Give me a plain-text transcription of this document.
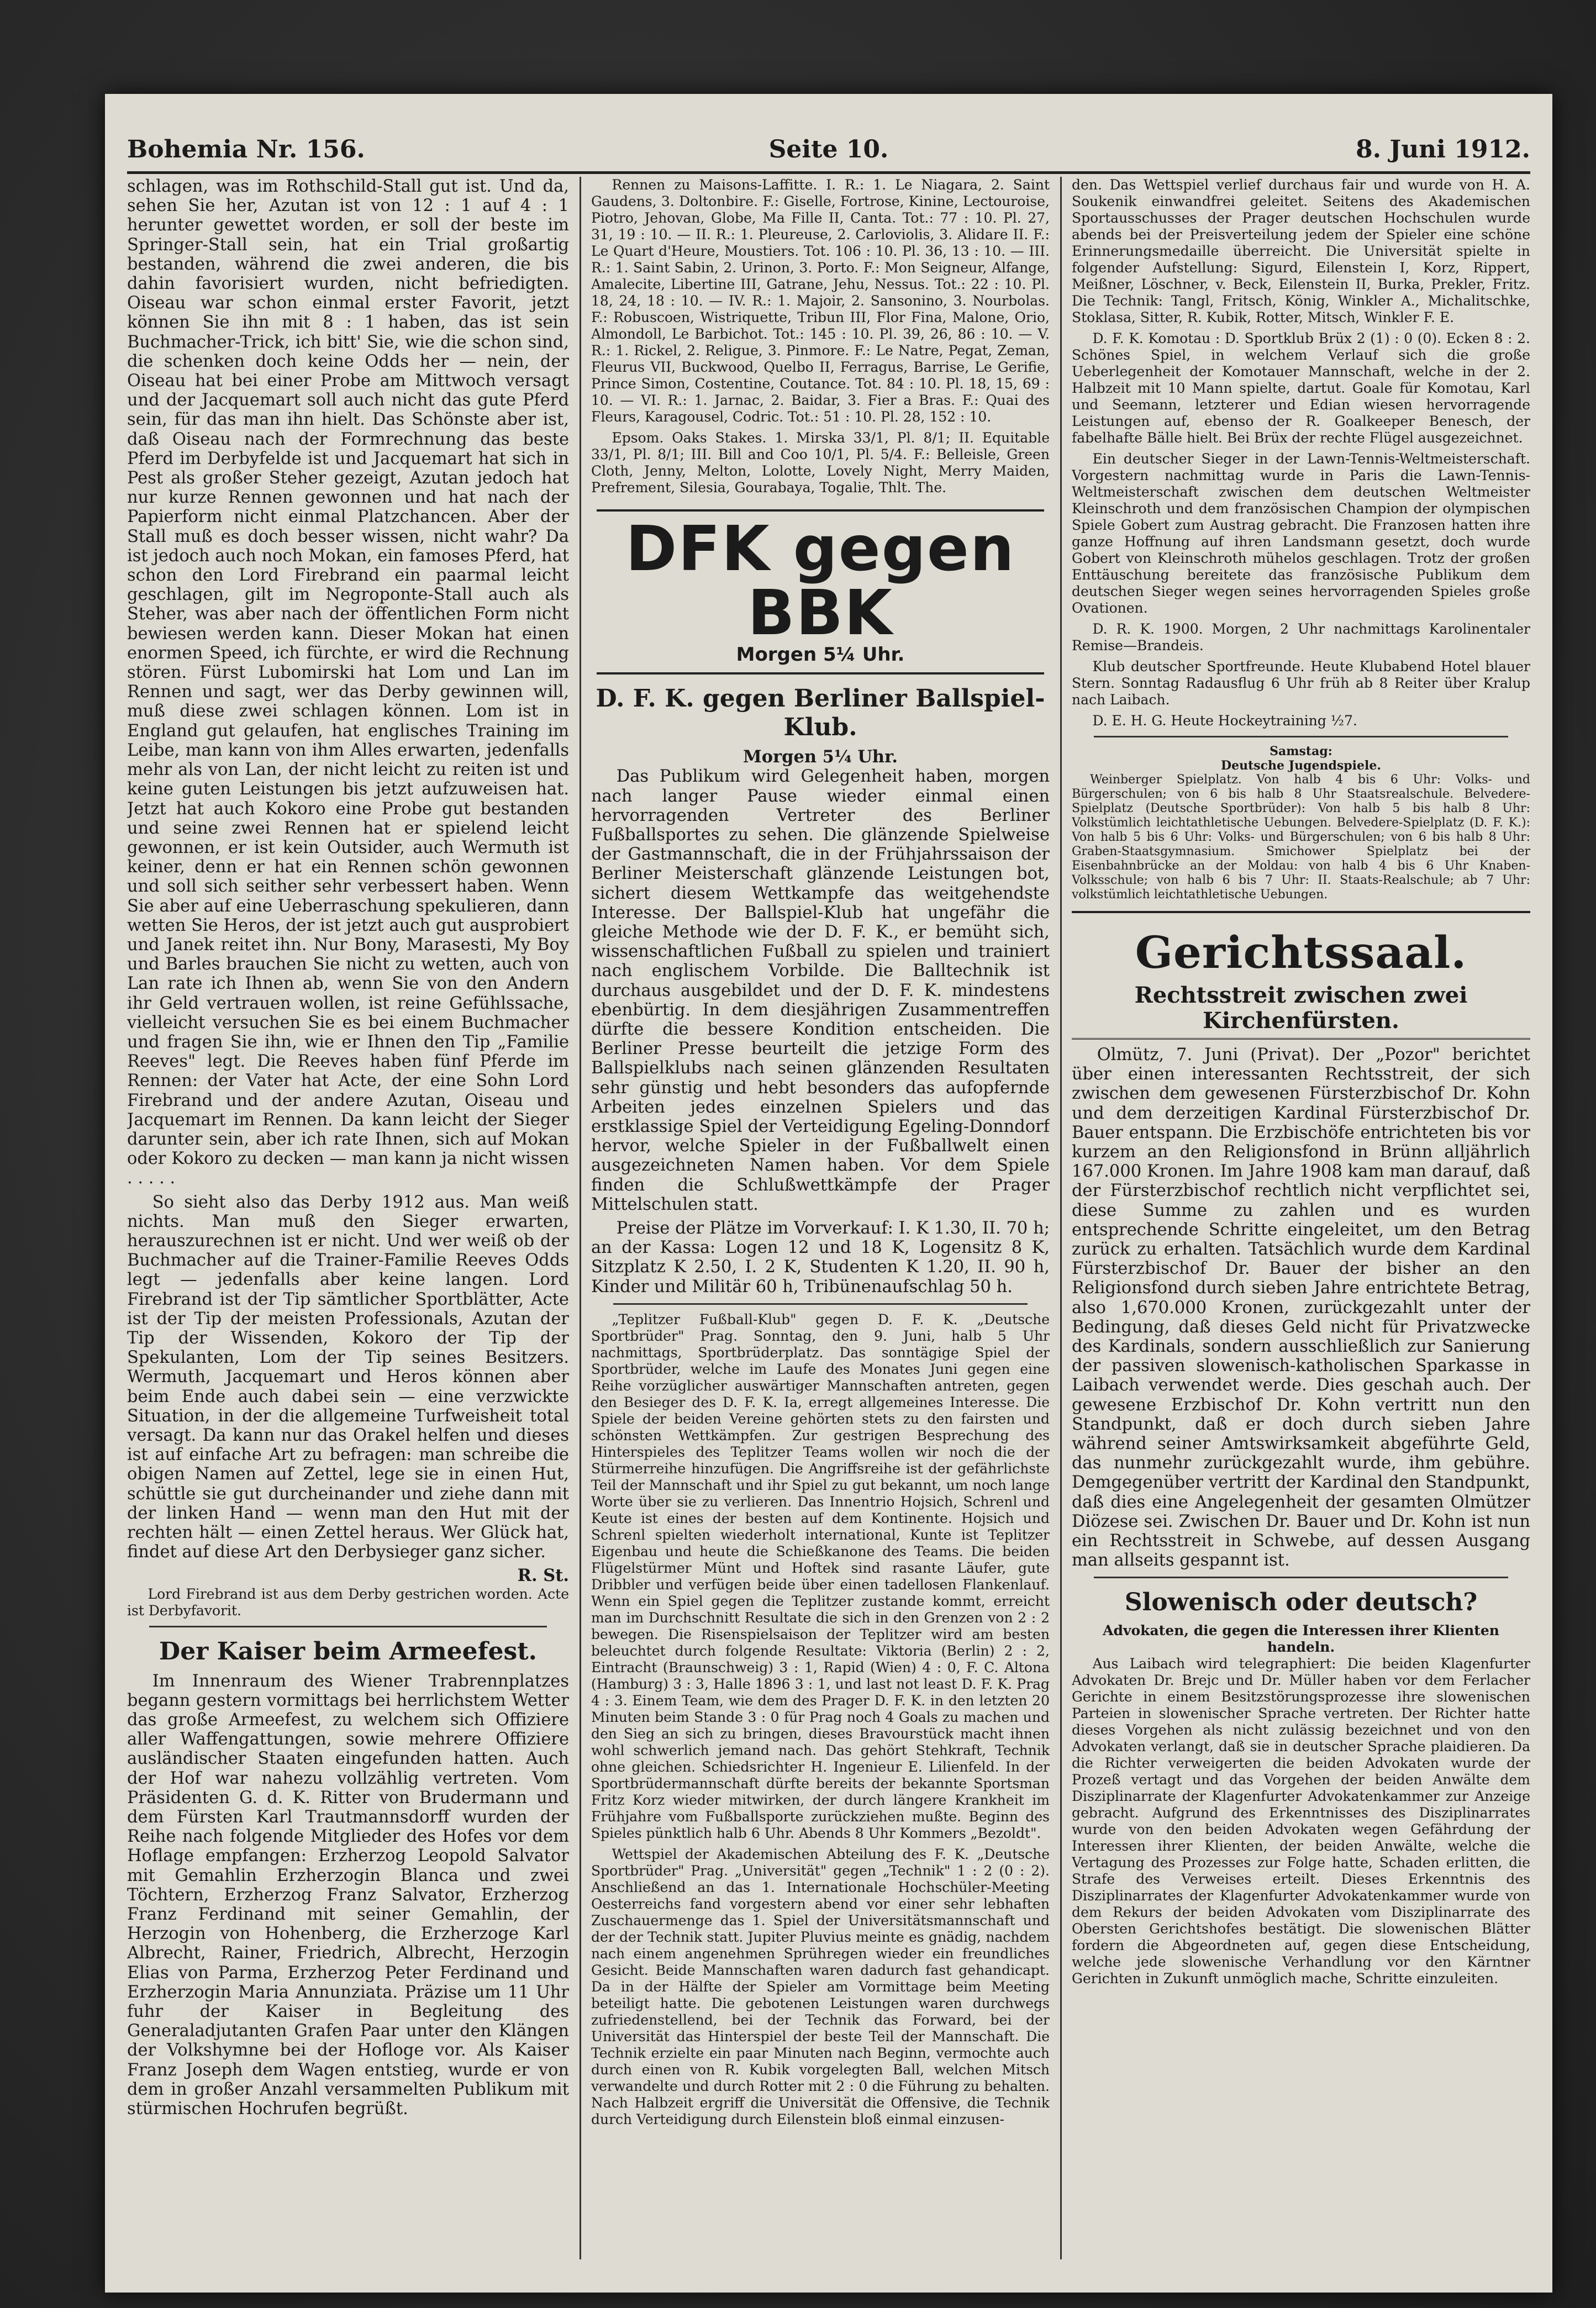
Bohemia Nr. 156.	Seite 10.	8. Juni 1912.

schlagen, was im Rothschild-Stall gut ist. Und da, sehen Sie her, Azutan ist von 12 : 1 auf 4 : 1 herunter gewettet worden, er soll der beste im Springer-Stall sein, hat ein Trial großartig bestanden, während die zwei anderen, die bis dahin favorisiert wurden, nicht befriedigten. Oiseau war schon einmal erster Favorit, jetzt können Sie ihn mit 8 : 1 haben, das ist sein Buchmacher-Trick, ich bitt' Sie, wie die schon sind, die schenken doch keine Odds her — nein, der Oiseau hat bei einer Probe am Mittwoch versagt und der Jacquemart soll auch nicht das gute Pferd sein, für das man ihn hielt. Das Schönste aber ist, daß Oiseau nach der Formrechnung das beste Pferd im Derbyfelde ist und Jacquemart hat sich in Pest als großer Steher gezeigt, Azutan jedoch hat nur kurze Rennen gewonnen und hat nach der Papierform nicht einmal Platzchancen. Aber der Stall muß es doch besser wissen, nicht wahr? Da ist jedoch auch noch Mokan, ein famoses Pferd, hat schon den Lord Firebrand ein paarmal leicht geschlagen, gilt im Negroponte-Stall auch als Steher, was aber nach der öffentlichen Form nicht bewiesen werden kann. Dieser Mokan hat einen enormen Speed, ich fürchte, er wird die Rechnung stören. Fürst Lubomirski hat Lom und Lan im Rennen und sagt, wer das Derby gewinnen will, muß diese zwei schlagen können. Lom ist in England gut gelaufen, hat englisches Training im Leibe, man kann von ihm Alles erwarten, jedenfalls mehr als von Lan, der nicht leicht zu reiten ist und keine guten Leistungen bis jetzt aufzuweisen hat. Jetzt hat auch Kokoro eine Probe gut bestanden und seine zwei Rennen hat er spielend leicht gewonnen, er ist kein Outsider, auch Wermuth ist keiner, denn er hat ein Rennen schön gewonnen und soll sich seither sehr verbessert haben. Wenn Sie aber auf eine Ueberraschung spekulieren, dann wetten Sie Heros, der ist jetzt auch gut ausprobiert und Janek reitet ihn. Nur Bony, Marasesti, My Boy und Barles brauchen Sie nicht zu wetten, auch von Lan rate ich Ihnen ab, wenn Sie von den Andern ihr Geld vertrauen wollen, ist reine Gefühlssache, vielleicht versuchen Sie es bei einem Buchmacher und fragen Sie ihn, wie er Ihnen den Tip „Familie Reeves" legt. Die Reeves haben fünf Pferde im Rennen: der Vater hat Acte, der eine Sohn Lord Firebrand und der andere Azutan, Oiseau und Jacquemart im Rennen. Da kann leicht der Sieger darunter sein, aber ich rate Ihnen, sich auf Mokan oder Kokoro zu decken — man kann ja nicht wissen . . . . .

So sieht also das Derby 1912 aus. Man weiß nichts. Man muß den Sieger erwarten, herauszurechnen ist er nicht. Und wer weiß ob der Buchmacher auf die Trainer-Familie Reeves Odds legt — jedenfalls aber keine langen. Lord Firebrand ist der Tip sämtlicher Sportblätter, Acte ist der Tip der meisten Professionals, Azutan der Tip der Wissenden, Kokoro der Tip der Spekulanten, Lom der Tip seines Besitzers. Wermuth, Jacquemart und Heros können aber beim Ende auch dabei sein — eine verzwickte Situation, in der die allgemeine Turfweisheit total versagt. Da kann nur das Orakel helfen und dieses ist auf einfache Art zu befragen: man schreibe die obigen Namen auf Zettel, lege sie in einen Hut, schüttle sie gut durcheinander und ziehe dann mit der linken Hand — wenn man den Hut mit der rechten hält — einen Zettel heraus. Wer Glück hat, findet auf diese Art den Derbysieger ganz sicher.

R. St.

Lord Firebrand ist aus dem Derby gestrichen worden. Acte ist Derbyfavorit.

Der Kaiser beim Armeefest.

Im Innenraum des Wiener Trabrennplatzes begann gestern vormittags bei herrlichstem Wetter das große Armeefest, zu welchem sich Offiziere aller Waffengattungen, sowie mehrere Offiziere ausländischer Staaten eingefunden hatten. Auch der Hof war nahezu vollzählig vertreten. Vom Präsidenten G. d. K. Ritter von Brudermann und dem Fürsten Karl Trautmannsdorff wurden der Reihe nach folgende Mitglieder des Hofes vor dem Hoflage empfangen: Erzherzog Leopold Salvator mit Gemahlin Erzherzogin Blanca und zwei Töchtern, Erzherzog Franz Salvator, Erzherzog Franz Ferdinand mit seiner Gemahlin, der Herzogin von Hohenberg, die Erzherzoge Karl Albrecht, Rainer, Friedrich, Albrecht, Herzogin Elias von Parma, Erzherzog Peter Ferdinand und Erzherzogin Maria Annunziata. Präzise um 11 Uhr fuhr der Kaiser in Begleitung des Generaladjutanten Grafen Paar unter den Klängen der Volkshymne bei der Hofloge vor. Als Kaiser Franz Joseph dem Wagen entstieg, wurde er von dem in großer Anzahl versammelten Publikum mit stürmischen Hochrufen begrüßt.

Rennen zu Maisons-Laffitte. I. R.: 1. Le Niagara, 2. Saint Gaudens, 3. Doltonbire. F.: Giselle, Fortrose, Kinine, Lectouroise, Piotro, Jehovan, Globe, Ma Fille II, Canta. Tot.: 77 : 10. Pl. 27, 31, 19 : 10. — II. R.: 1. Pleureuse, 2. Carloviolis, 3. Alidare II. F.: Le Quart d'Heure, Moustiers. Tot. 106 : 10. Pl. 36, 13 : 10. — III. R.: 1. Saint Sabin, 2. Urinon, 3. Porto. F.: Mon Seigneur, Alfange, Amalecite, Libertine III, Gatrane, Jehu, Nessus. Tot.: 22 : 10. Pl. 18, 24, 18 : 10. — IV. R.: 1. Majoir, 2. Sansonino, 3. Nourbolas. F.: Robuscoen, Wistriquette, Tribun III, Flor Fina, Malone, Orio, Almondoll, Le Barbichot. Tot.: 145 : 10. Pl. 39, 26, 86 : 10. — V. R.: 1. Rickel, 2. Religue, 3. Pinmore. F.: Le Natre, Pegat, Zeman, Fleurus VII, Buckwood, Quelbo II, Ferragus, Barrise, Le Gerifie, Prince Simon, Costentine, Coutance. Tot. 84 : 10. Pl. 18, 15, 69 : 10. — VI. R.: 1. Jarnac, 2. Baidar, 3. Fier a Bras. F.: Quai des Fleurs, Karagousel, Codric. Tot.: 51 : 10. Pl. 28, 152 : 10.

Epsom. Oaks Stakes. 1. Mirska 33/1, Pl. 8/1; II. Equitable 33/1, Pl. 8/1; III. Bill and Coo 10/1, Pl. 5/4. F.: Belleisle, Green Cloth, Jenny, Melton, Lolotte, Lovely Night, Merry Maiden, Prefrement, Silesia, Gourabaya, Togalie, Thlt. The.

DFK gegen BBK
Morgen 5¼ Uhr.
D. F. K. gegen Berliner Ballspiel-Klub.
Morgen 5¼ Uhr.

Das Publikum wird Gelegenheit haben, morgen nach langer Pause wieder einmal einen hervorragenden Vertreter des Berliner Fußballsportes zu sehen. Die glänzende Spielweise der Gastmannschaft, die in der Frühjahrssaison der Berliner Meisterschaft glänzende Leistungen bot, sichert diesem Wettkampfe das weitgehendste Interesse. Der Ballspiel-Klub hat ungefähr die gleiche Methode wie der D. F. K., er bemüht sich, wissenschaftlichen Fußball zu spielen und trainiert nach englischem Vorbilde. Die Balltechnik ist durchaus ausgebildet und der D. F. K. mindestens ebenbürtig. In dem diesjährigen Zusammentreffen dürfte die bessere Kondition entscheiden. Die Berliner Presse beurteilt die jetzige Form des Ballspielklubs nach seinen glänzenden Resultaten sehr günstig und hebt besonders das aufopfernde Arbeiten jedes einzelnen Spielers und das erstklassige Spiel der Verteidigung Egeling-Donndorf hervor, welche Spieler in der Fußballwelt einen ausgezeichneten Namen haben. Vor dem Spiele finden die Schlußwettkämpfe der Prager Mittelschulen statt.

Preise der Plätze im Vorverkauf: I. K 1.30, II. 70 h; an der Kassa: Logen 12 und 18 K, Logensitz 8 K, Sitzplatz K 2.50, I. 2 K, Studenten K 1.20, II. 90 h, Kinder und Militär 60 h, Tribünenaufschlag 50 h.

„Teplitzer Fußball-Klub" gegen D. F. K. „Deutsche Sportbrüder" Prag. Sonntag, den 9. Juni, halb 5 Uhr nachmittags, Sportbrüderplatz. Das sonntägige Spiel der Sportbrüder, welche im Laufe des Monates Juni gegen eine Reihe vorzüglicher auswärtiger Mannschaften antreten, gegen den Besieger des D. F. K. Ia, erregt allgemeines Interesse. Die Spiele der beiden Vereine gehörten stets zu den fairsten und schönsten Wettkämpfen. Zur gestrigen Besprechung des Hinterspieles des Teplitzer Teams wollen wir noch die der Stürmerreihe hinzufügen. Die Angriffsreihe ist der gefährlichste Teil der Mannschaft und ihr Spiel zu gut bekannt, um noch lange Worte über sie zu verlieren. Das Innentrio Hojsich, Schrenl und Keute ist eines der besten auf dem Kontinente. Hojsich und Schrenl spielten wiederholt international, Kunte ist Teplitzer Eigenbau und heute die Schießkanone des Teams. Die beiden Flügelstürmer Münt und Hoftek sind rasante Läufer, gute Dribbler und verfügen beide über einen tadellosen Flankenlauf. Wenn ein Spiel gegen die Teplitzer zustande kommt, erreicht man im Durchschnitt Resultate die sich in den Grenzen von 2 : 2 bewegen. Die Risenspielsaison der Teplitzer wird am besten beleuchtet durch folgende Resultate: Viktoria (Berlin) 2 : 2, Eintracht (Braunschweig) 3 : 1, Rapid (Wien) 4 : 0, F. C. Altona (Hamburg) 3 : 3, Halle 1896 3 : 1, und last not least D. F. K. Prag 4 : 3. Einem Team, wie dem des Prager D. F. K. in den letzten 20 Minuten beim Stande 3 : 0 für Prag noch 4 Goals zu machen und den Sieg an sich zu bringen, dieses Bravourstück macht ihnen wohl schwerlich jemand nach. Das gehört Stehkraft, Technik ohne gleichen. Schiedsrichter H. Ingenieur E. Lilienfeld. In der Sportbrüdermannschaft dürfte bereits der bekannte Sportsman Fritz Korz wieder mitwirken, der durch längere Krankheit im Frühjahre vom Fußballsporte zurückziehen mußte. Beginn des Spieles pünktlich halb 6 Uhr. Abends 8 Uhr Kommers „Bezoldt".

Wettspiel der Akademischen Abteilung des F. K. „Deutsche Sportbrüder" Prag. „Universität" gegen „Technik" 1 : 2 (0 : 2). Anschließend an das 1. Internationale Hochschüler-Meeting Oesterreichs fand vorgestern abend vor einer sehr lebhaften Zuschauermenge das 1. Spiel der Universitätsmannschaft und der der Technik statt. Jupiter Pluvius meinte es gnädig, nachdem nach einem angenehmen Sprühregen wieder ein freundliches Gesicht. Beide Mannschaften waren dadurch fast gehandicapt. Da in der Hälfte der Spieler am Vormittage beim Meeting beteiligt hatte. Die gebotenen Leistungen waren durchwegs zufriedenstellend, bei der Technik das Forward, bei der Universität das Hinterspiel der beste Teil der Mannschaft. Die Technik erzielte ein paar Minuten nach Beginn, vermochte auch durch einen von R. Kubik vorgelegten Ball, welchen Mitsch verwandelte und durch Rotter mit 2 : 0 die Führung zu behalten. Nach Halbzeit ergriff die Universität die Offensive, die Technik durch Verteidigung durch Eilenstein bloß einmal einzusen-

den. Das Wettspiel verlief durchaus fair und wurde von H. A. Soukenik einwandfrei geleitet. Seitens des Akademischen Sportausschusses der Prager deutschen Hochschulen wurde abends bei der Preisverteilung jedem der Spieler eine schöne Erinnerungsmedaille überreicht. Die Universität spielte in folgender Aufstellung: Sigurd, Eilenstein I, Korz, Rippert, Meißner, Löschner, v. Beck, Eilenstein II, Burka, Prekler, Fritz. Die Technik: Tangl, Fritsch, König, Winkler A., Michalitschke, Stoklasa, Sitter, R. Kubik, Rotter, Mitsch, Winkler F. E.

D. F. K. Komotau : D. Sportklub Brüx 2 (1) : 0 (0). Ecken 8 : 2. Schönes Spiel, in welchem Verlauf sich die große Ueberlegenheit der Komotauer Mannschaft, welche in der 2. Halbzeit mit 10 Mann spielte, dartut. Goale für Komotau, Karl und Seemann, letzterer und Edian wiesen hervorragende Leistungen auf, ebenso der R. Goalkeeper Benesch, der fabelhafte Bälle hielt. Bei Brüx der rechte Flügel ausgezeichnet.

Ein deutscher Sieger in der Lawn-Tennis-Weltmeisterschaft. Vorgestern nachmittag wurde in Paris die Lawn-Tennis-Weltmeisterschaft zwischen dem deutschen Weltmeister Kleinschroth und dem französischen Champion der olympischen Spiele Gobert zum Austrag gebracht. Die Franzosen hatten ihre ganze Hoffnung auf ihren Landsmann gesetzt, doch wurde Gobert von Kleinschroth mühelos geschlagen. Trotz der großen Enttäuschung bereitete das französische Publikum dem deutschen Sieger wegen seines hervorragenden Spieles große Ovationen.

D. R. K. 1900. Morgen, 2 Uhr nachmittags Karolinentaler Remise—Brandeis.

Klub deutscher Sportfreunde. Heute Klubabend Hotel blauer Stern. Sonntag Radausflug 6 Uhr früh ab 8 Reiter über Kralup nach Laibach.

D. E. H. G. Heute Hockeytraining ½7.

Samstag:
Deutsche Jugendspiele.

Weinberger Spielplatz. Von halb 4 bis 6 Uhr: Volks- und Bürgerschulen; von 6 bis halb 8 Uhr Staatsrealschule. Belvedere-Spielplatz (Deutsche Sportbrüder): Von halb 5 bis halb 8 Uhr: Volkstümlich leichtathletische Uebungen. Belvedere-Spielplatz (D. F. K.): Von halb 5 bis 6 Uhr: Volks- und Bürgerschulen; von 6 bis halb 8 Uhr: Graben-Staatsgymnasium. Smichower Spielplatz bei der Eisenbahnbrücke an der Moldau: von halb 4 bis 6 Uhr Knaben-Volksschule; von halb 6 bis 7 Uhr: II. Staats-Realschule; ab 7 Uhr: volkstümlich leichtathletische Uebungen.

Gerichtssaal.
Rechtsstreit zwischen zwei Kirchenfürsten.

Olmütz, 7. Juni (Privat). Der „Pozor" berichtet über einen interessanten Rechtsstreit, der sich zwischen dem gewesenen Fürsterzbischof Dr. Kohn und dem derzeitigen Kardinal Fürsterzbischof Dr. Bauer entspann. Die Erzbischöfe entrichteten bis vor kurzem an den Religionsfond in Brünn alljährlich 167.000 Kronen. Im Jahre 1908 kam man darauf, daß der Fürsterzbischof rechtlich nicht verpflichtet sei, diese Summe zu zahlen und es wurden entsprechende Schritte eingeleitet, um den Betrag zurück zu erhalten. Tatsächlich wurde dem Kardinal Fürsterzbischof Dr. Bauer der bisher an den Religionsfond durch sieben Jahre entrichtete Betrag, also 1,670.000 Kronen, zurückgezahlt unter der Bedingung, daß dieses Geld nicht für Privatzwecke des Kardinals, sondern ausschließlich zur Sanierung der passiven slowenisch-katholischen Sparkasse in Laibach verwendet werde. Dies geschah auch. Der gewesene Erzbischof Dr. Kohn vertritt nun den Standpunkt, daß er doch durch sieben Jahre während seiner Amtswirksamkeit abgeführte Geld, das nunmehr zurückgezahlt wurde, ihm gebühre. Demgegenüber vertritt der Kardinal den Standpunkt, daß dies eine Angelegenheit der gesamten Olmützer Diözese sei. Zwischen Dr. Bauer und Dr. Kohn ist nun ein Rechtsstreit in Schwebe, auf dessen Ausgang man allseits gespannt ist.

Slowenisch oder deutsch?
Advokaten, die gegen die Interessen ihrer Klienten handeln.

Aus Laibach wird telegraphiert: Die beiden Klagenfurter Advokaten Dr. Brejc und Dr. Müller haben vor dem Ferlacher Gerichte in einem Besitzstörungsprozesse ihre slowenischen Parteien in slowenischer Sprache vertreten. Der Richter hatte dieses Vorgehen als nicht zulässig bezeichnet und von den Advokaten verlangt, daß sie in deutscher Sprache plaidieren. Da die Richter verweigerten die beiden Advokaten wurde der Prozeß vertagt und das Vorgehen der beiden Anwälte dem Disziplinarrate der Klagenfurter Advokatenkammer zur Anzeige gebracht. Aufgrund des Erkenntnisses des Disziplinarrates wurde von den beiden Advokaten wegen Gefährdung der Interessen ihrer Klienten, der beiden Anwälte, welche die Vertagung des Prozesses zur Folge hatte, Schaden erlitten, die Strafe des Verweises erteilt. Dieses Erkenntnis des Disziplinarrates der Klagenfurter Advokatenkammer wurde von dem Rekurs der beiden Advokaten vom Disziplinarrate des Obersten Gerichtshofes bestätigt. Die slowenischen Blätter fordern die Abgeordneten auf, gegen diese Entscheidung, welche jede slowenische Verhandlung vor den Kärntner Gerichten in Zukunft unmöglich mache, Schritte einzuleiten.
